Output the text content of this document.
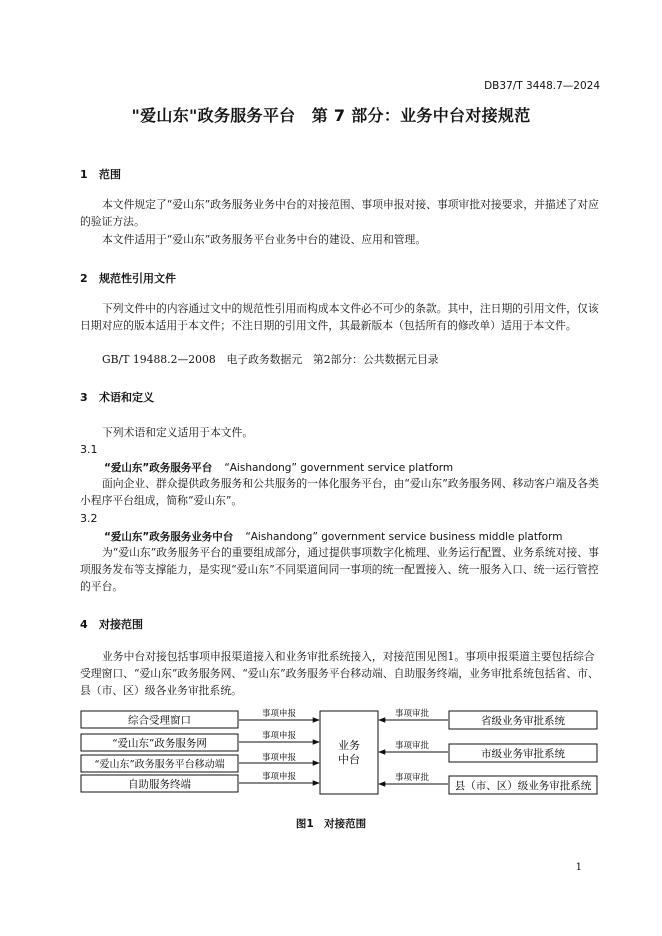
DB37/T 3448.7—2024
"爱山东"政务服务平台　第 7 部分：业务中台对接规范
1 范围
本文件规定了“爱山东”政务服务业务中台的对接范围、事项申报对接、事项审批对接要求，并描述了对应的验证方法。
本文件适用于“爱山东”政务服务平台业务中台的建设、应用和管理。
2 规范性引用文件
下列文件中的内容通过文中的规范性引用而构成本文件必不可少的条款。其中，注日期的引用文件，仅该日期对应的版本适用于本文件；不注日期的引用文件，其最新版本（包括所有的修改单）适用于本文件。
GB/T 19488.2—2008　电子政务数据元　第2部分：公共数据元目录
3 术语和定义
下列术语和定义适用于本文件。
3.1
“爱山东”政务服务平台 “Aishandong” government service platform
面向企业、群众提供政务服务和公共服务的一体化服务平台，由“爱山东”政务服务网、移动客户端及各类小程序平台组成，简称“爱山东”。
3.2
“爱山东”政务服务业务中台 “Aishandong” government service business middle platform
为“爱山东”政务服务平台的重要组成部分，通过提供事项数字化梳理、业务运行配置、业务系统对接、事项服务发布等支撑能力，是实现“爱山东”不同渠道间同一事项的统一配置接入、统一服务入口、统一运行管控的平台。
4 对接范围
业务中台对接包括事项申报渠道接入和业务审批系统接入，对接范围见图1。事项申报渠道主要包括综合受理窗口、“爱山东”政务服务网、“爱山东”政务服务平台移动端、自助服务终端，业务审批系统包括省、市、县（市、区）级各业务审批系统。
综合受理窗口
“爱山东”政务服务网
“爱山东”政务服务平台移动端
自助服务终端
事项申报
事项申报
事项申报
事项申报
业务
中台
事项审批
事项审批
事项审批
省级业务审批系统
市级业务审批系统
县（市、区）级业务审批系统
图1　对接范围
1
